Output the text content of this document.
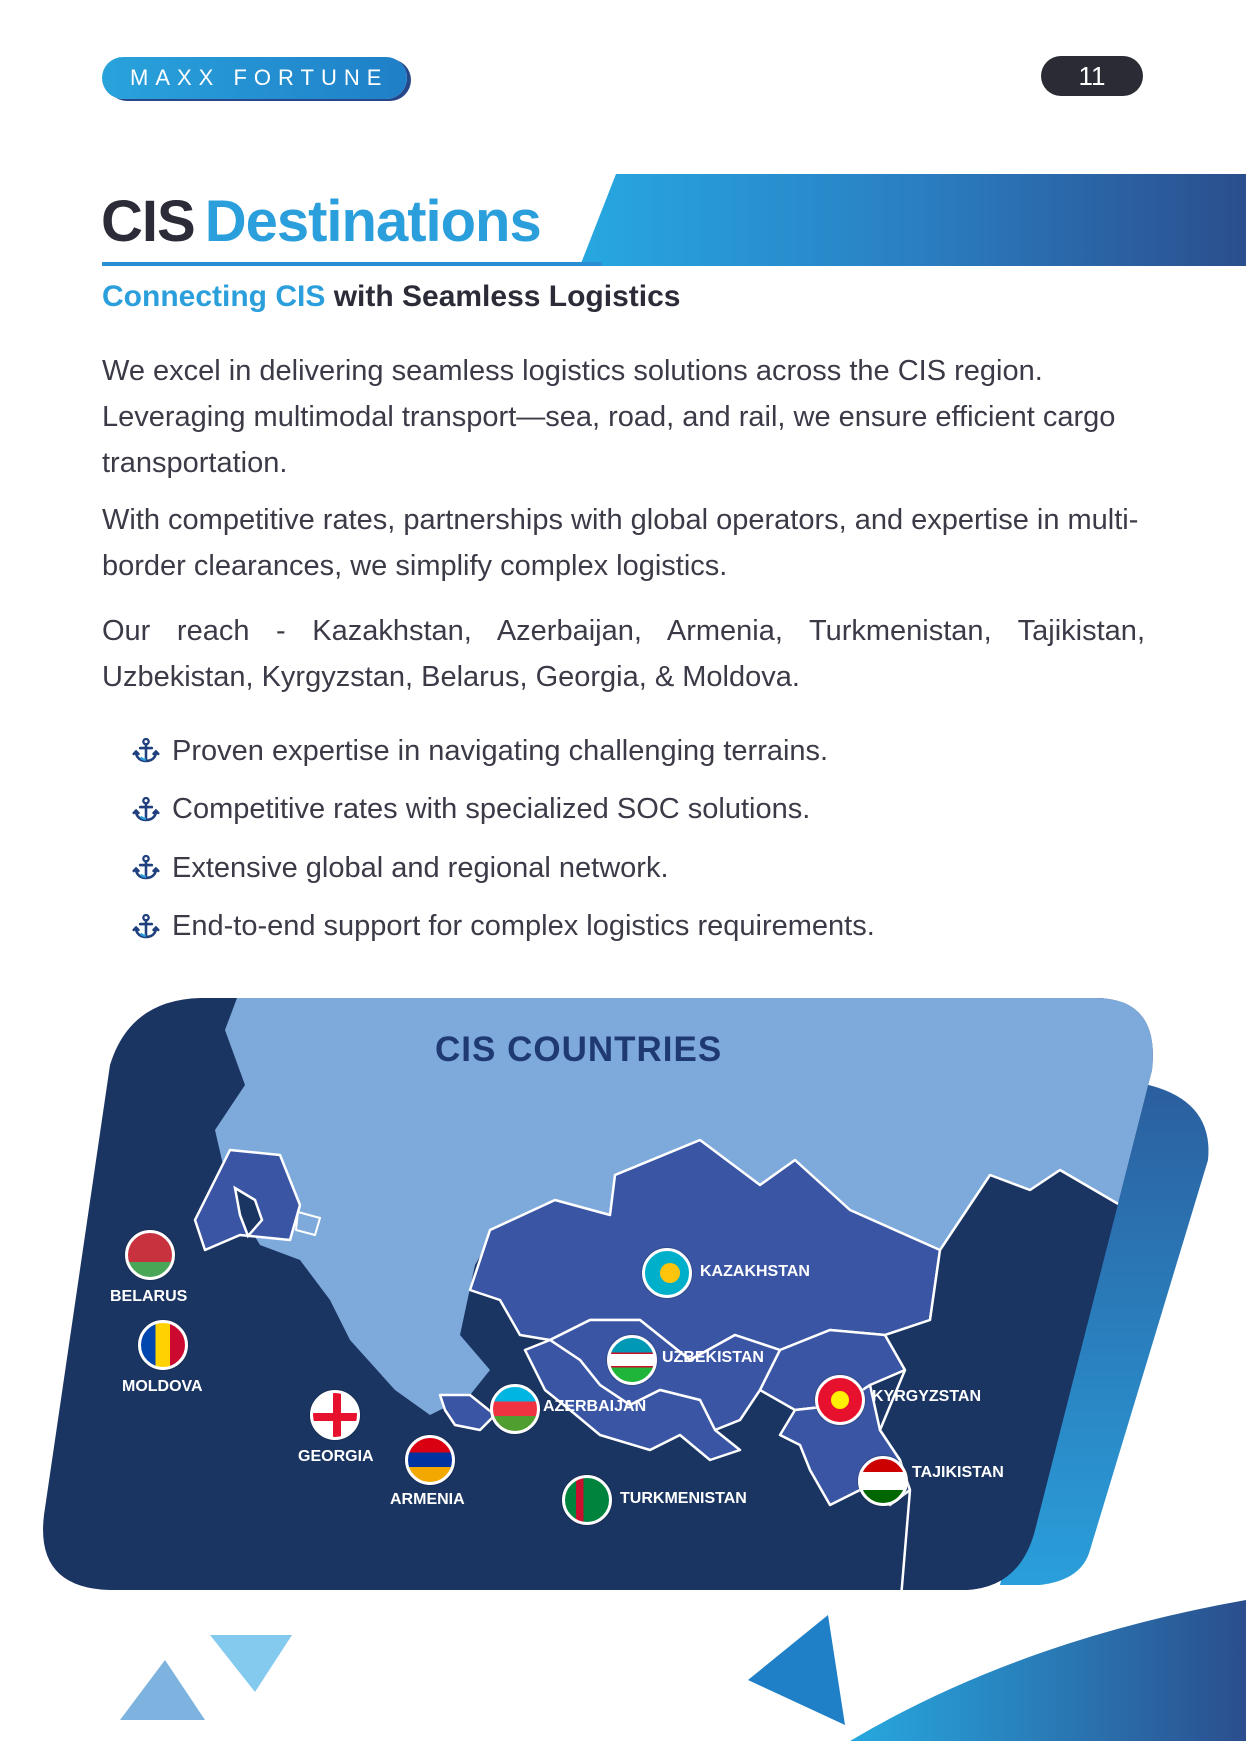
MAXX FORTUNE	11
CIS Destinations
Connecting CIS with Seamless Logistics

We excel in delivering seamless logistics solutions across the CIS region. Leveraging multimodal transport—sea, road, and rail, we ensure efficient cargo transportation.

With competitive rates, partnerships with global operators, and expertise in multi-border clearances, we simplify complex logistics.

Our reach - Kazakhstan, Azerbaijan, Armenia, Turkmenistan, Tajikistan, Uzbekistan, Kyrgyzstan, Belarus, Georgia, & Moldova.

Proven expertise in navigating challenging terrains.
Competitive rates with specialized SOC solutions.
Extensive global and regional network.
End-to-end support for complex logistics requirements.
CIS COUNTRIES
BELARUS
MOLDOVA
GEORGIA
ARMENIA
AZERBAIJAN
TURKMENISTAN
UZBEKISTAN
KAZAKHSTAN
KYRGYZSTAN
TAJIKISTAN
